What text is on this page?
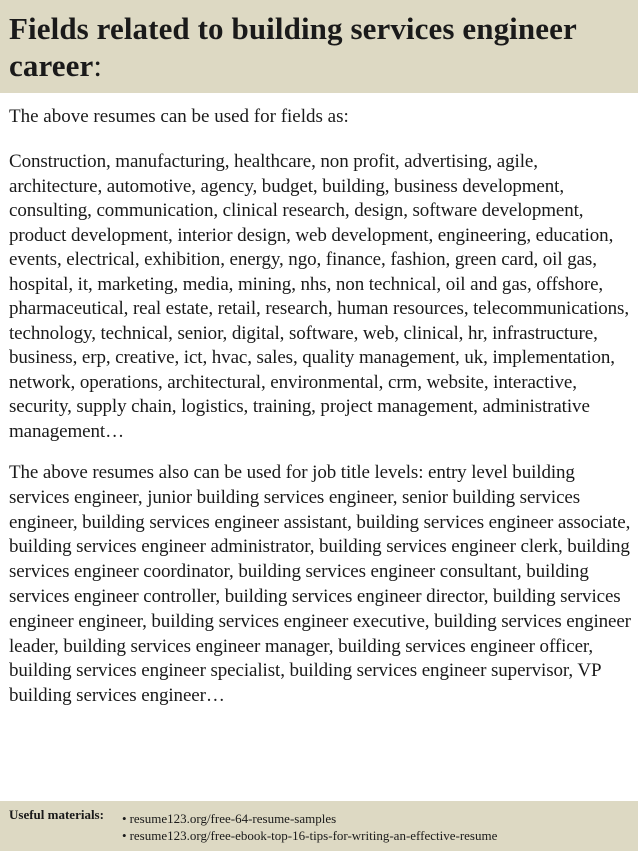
Fields related to building services engineer career:

The above resumes can be used for fields as:

Construction, manufacturing, healthcare, non profit, advertising, agile, architecture, automotive, agency, budget, building, business development, consulting, communication, clinical research, design, software development, product development, interior design, web development, engineering, education, events, electrical, exhibition, energy, ngo, finance, fashion, green card, oil gas, hospital, it, marketing, media, mining, nhs, non technical, oil and gas, offshore, pharmaceutical, real estate, retail, research, human resources, telecommunications, technology, technical, senior, digital, software, web, clinical, hr, infrastructure, business, erp, creative, ict, hvac, sales, quality management, uk, implementation, network, operations, architectural, environmental, crm, website, interactive, security, supply chain, logistics, training, project management, administrative management…

The above resumes also can be used for job title levels: entry level building services engineer, junior building services engineer, senior building services engineer, building services engineer assistant, building services engineer associate, building services engineer administrator, building services engineer clerk, building services engineer coordinator, building services engineer consultant, building services engineer controller, building services engineer director, building services engineer engineer, building services engineer executive, building services engineer leader, building services engineer manager, building services engineer officer, building services engineer specialist, building services engineer supervisor, VP building services engineer…

Useful materials: • resume123.org/free-64-resume-samples
• resume123.org/free-ebook-top-16-tips-for-writing-an-effective-resume
